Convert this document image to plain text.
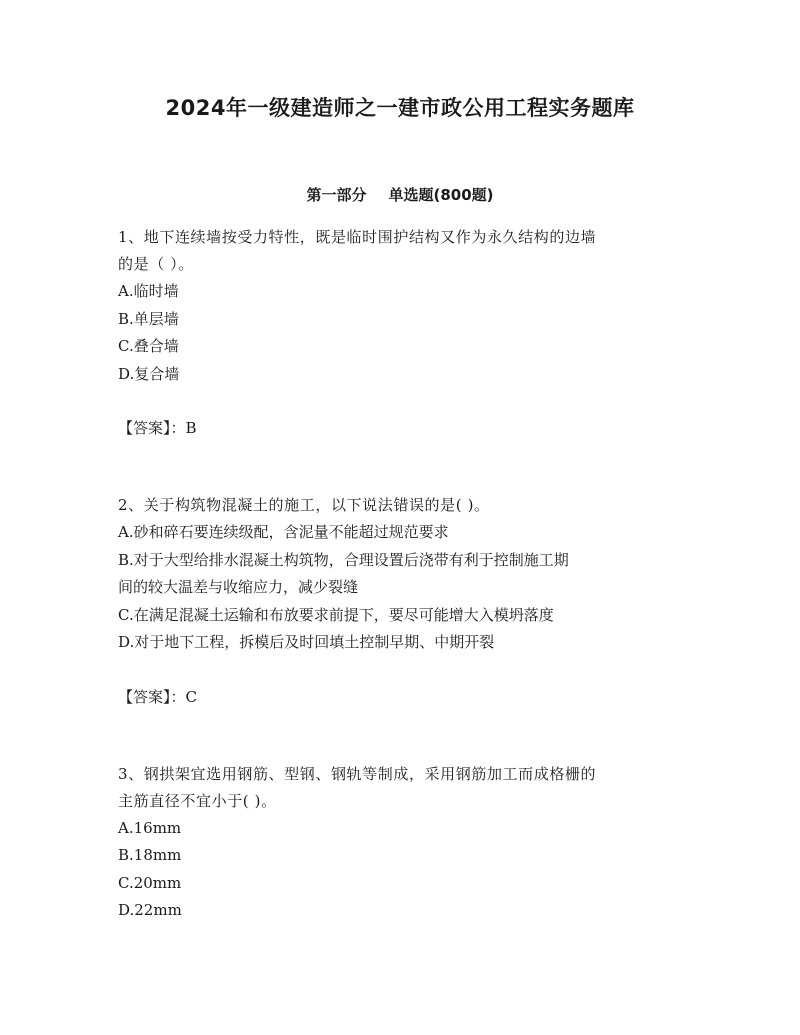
2024年一级建造师之一建市政公用工程实务题库
第一部分 单选题(800题)

1、地下连续墙按受力特性，既是临时围护结构又作为永久结构的边墙
的是（ ）。

A.临时墙
B.单层墙
C.叠合墙
D.复合墙

【答案】：B

2、关于构筑物混凝土的施工，以下说法错误的是( )。

A.砂和碎石要连续级配，含泥量不能超过规范要求
B.对于大型给排水混凝土构筑物，合理设置后浇带有利于控制施工期
间的较大温差与收缩应力，减少裂缝
C.在满足混凝土运输和布放要求前提下，要尽可能增大入模坍落度
D.对于地下工程，拆模后及时回填土控制早期、中期开裂

【答案】：C

3、钢拱架宜选用钢筋、型钢、钢轨等制成，采用钢筋加工而成格栅的
主筋直径不宜小于( )。

A.16mm
B.18mm
C.20mm
D.22mm
